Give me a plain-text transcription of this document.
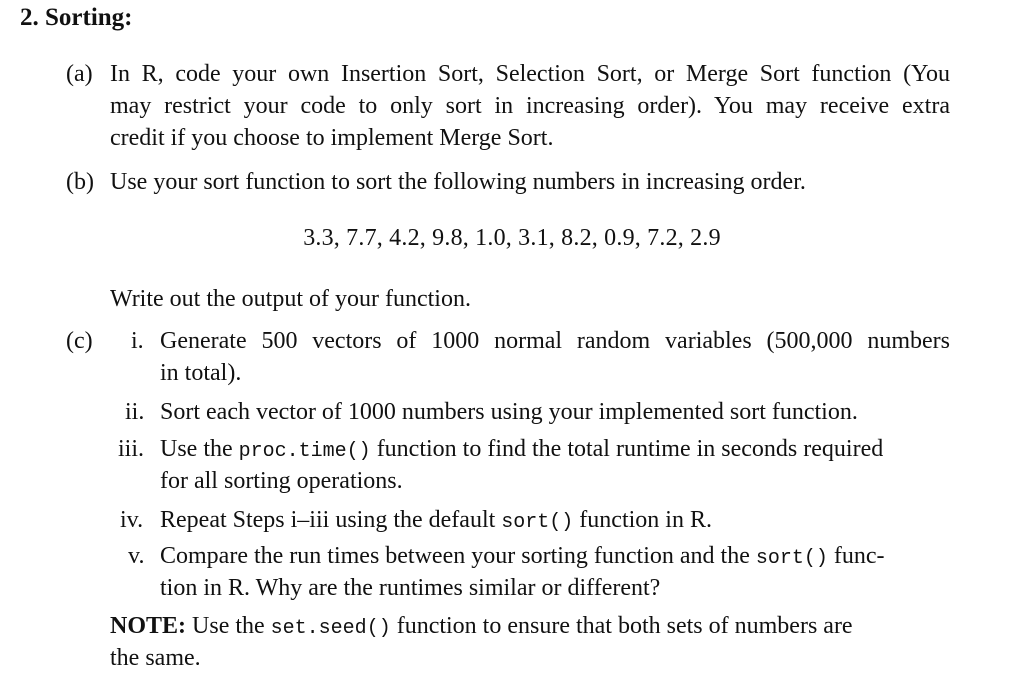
2. Sorting:
(a) In R, code your own Insertion Sort, Selection Sort, or Merge Sort function (You
may restrict your code to only sort in increasing order). You may receive extra
credit if you choose to implement Merge Sort.
(b) Use your sort function to sort the following numbers in increasing order.
3.3, 7.7, 4.2, 9.8, 1.0, 3.1, 8.2, 0.9, 7.2, 2.9
Write out the output of your function.
(c) i. Generate 500 vectors of 1000 normal random variables (500,000 numbers
in total).
ii. Sort each vector of 1000 numbers using your implemented sort function.
iii. Use the proc.time() function to find the total runtime in seconds required
for all sorting operations.
iv. Repeat Steps i–iii using the default sort() function in R.
v. Compare the run times between your sorting function and the sort() func-
tion in R. Why are the runtimes similar or different?
NOTE: Use the set.seed() function to ensure that both sets of numbers are
the same.
